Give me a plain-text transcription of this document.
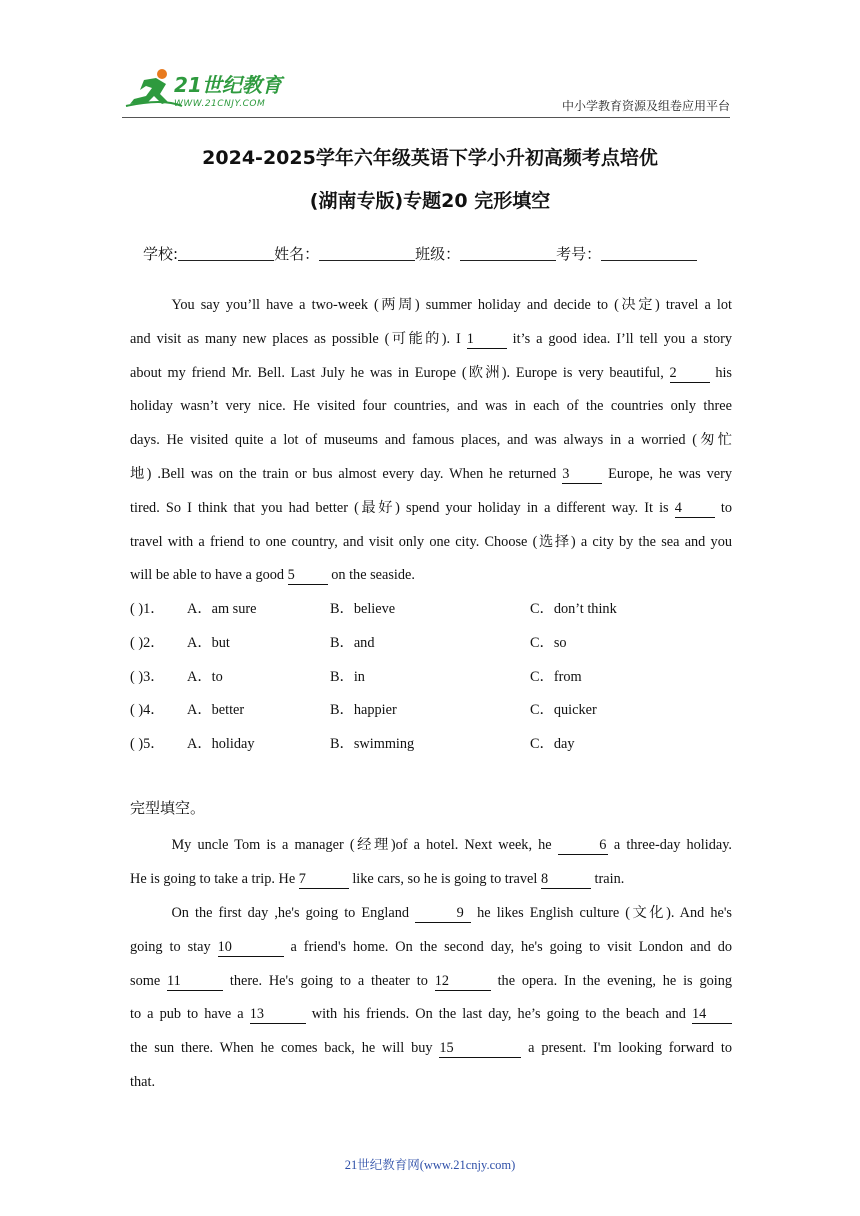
21世纪教育
WWW.21CNJY.COM	中小学教育资源及组卷应用平台
2024-2025学年六年级英语下学小升初高频考点培优
(湖南专版)专题20 完形填空
学校:	姓名：	班级：	考号：

You say you’ll have a two-week (两周) summer holiday and decide to (决定) travel a lot

and visit as many new places as possible (可能的). I 1	it’s a good idea. I’ll tell you a story
about my friend Mr. Bell. Last July he was in Europe (欧洲). Europe is very beautiful, 2	his
holiday wasn’t very nice. He visited four countries, and was in each of the countries only three
days. He visited quite a lot of museums and famous places, and was always in a worried (匆忙
地) .Bell was on the train or bus almost every day. When he returned 3	Europe, he was very
tired. So I think that you had better (最好) spend your holiday in a different way. It is 4	to
travel with a friend to one country, and visit only one city. Choose (选择) a city by the sea and you
will be able to have a good 5	on the seaside.
( )1． A．am sure	B．believe	C．don’t think
( )2． A．but	B．and	C．so
( )3． A．to	B．in	C．from
( )4． A．better	B．happier	C．quicker
( )5． A．holiday	B．swimming	C．day
完型填空。

My uncle Tom is a manager (经理)of a hotel. Next week, he	6 a three-day holiday.

He is going to take a trip. He 7	like cars, so he is going to travel 8	train.

On the first day ,he's going to England	9 he likes English culture (文化). And he's

going to stay 10	a friend's home. On the second day, he's going to visit London and do
some 11	there. He's going to a theater to 12	the opera. In the evening, he is going
to a pub to have a 13	with his friends. On the last day, he’s going to the beach and 14
the sun there. When he comes back, he will buy 15	a present. I'm looking forward to
that.
21世纪教育网(www.21cnjy.com)
